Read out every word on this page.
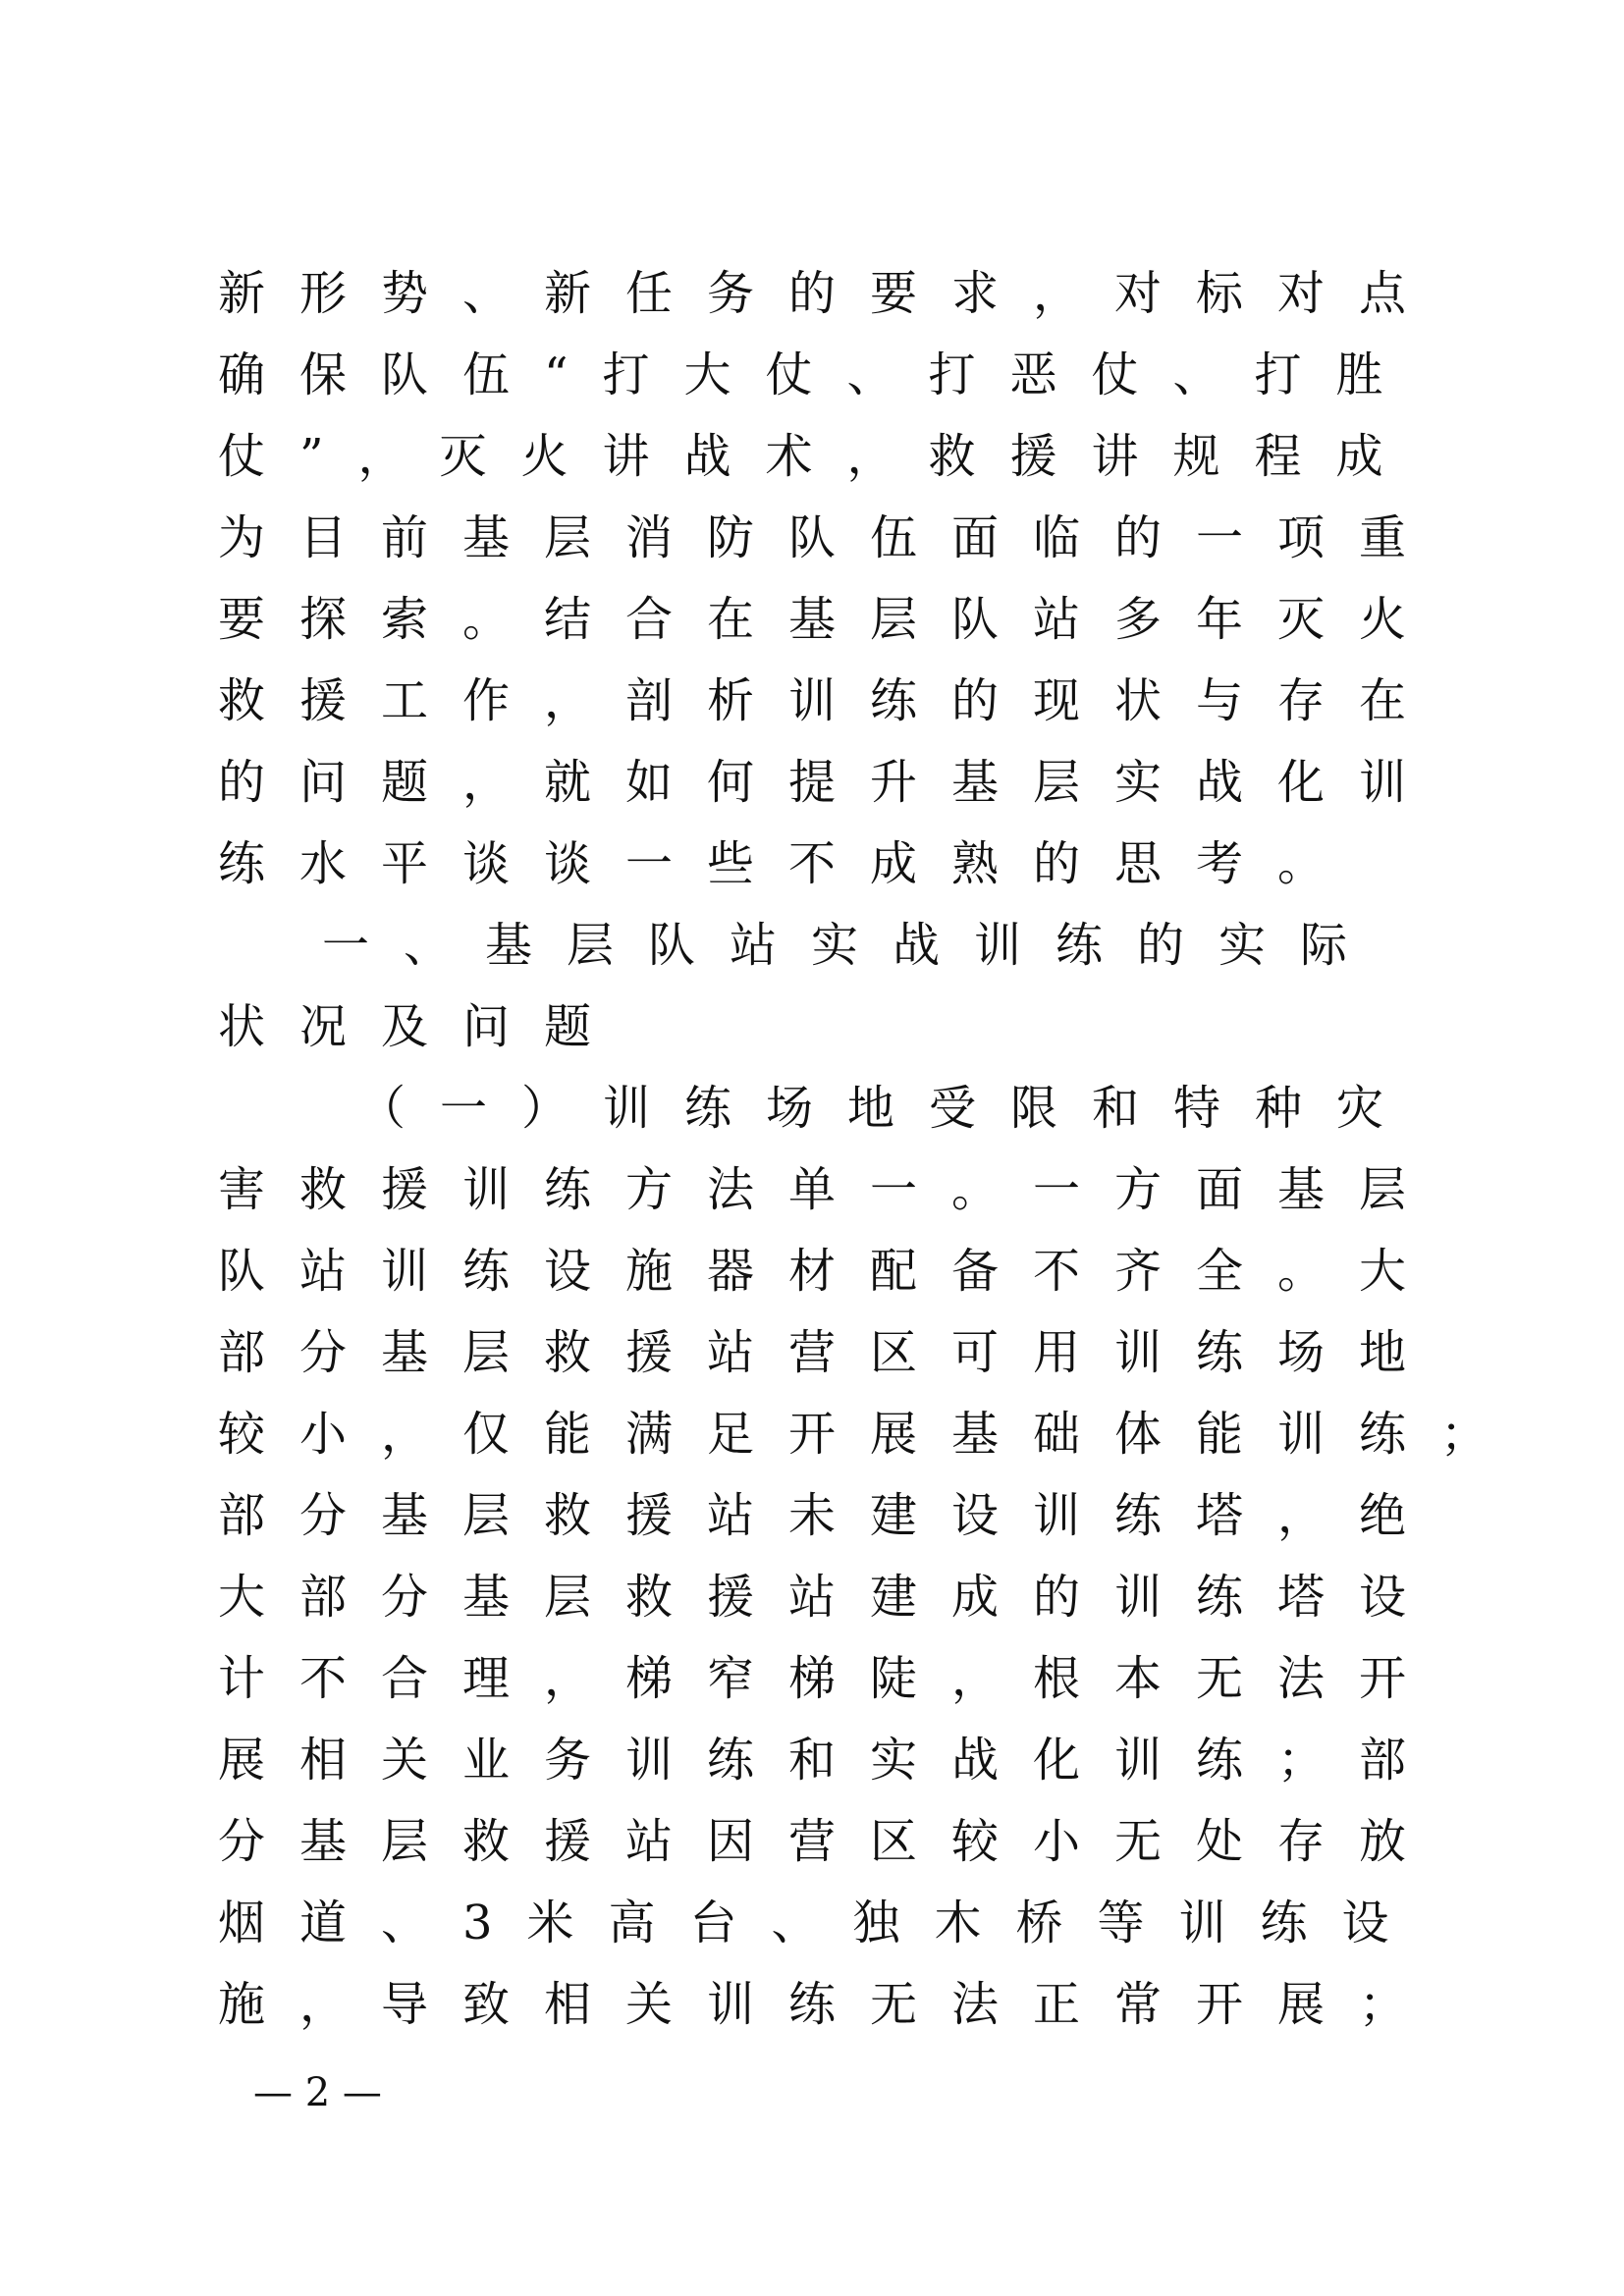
新形势、新任务的要求，对标对点
确保队伍“打大仗、打恶仗、打胜
仗”，灭火讲战术，救援讲规程成
为目前基层消防队伍面临的一项重
要探索。结合在基层队站多年灭火
救援工作，剖析训练的现状与存在
的问题，就如何提升基层实战化训
练水平谈谈一些不成熟的思考。
一、基层队站实战训练的实际
状况及问题
（一）训练场地受限和特种灾
害救援训练方法单一。一方面基层
队站训练设施器材配备不齐全。大
部分基层救援站营区可用训练场地
较小，仅能满足开展基础体能训练；
部分基层救援站未建设训练塔，绝
大部分基层救援站建成的训练塔设
计不合理，梯窄梯陡，根本无法开
展相关业务训练和实战化训练；部
分基层救援站因营区较小无处存放
烟道、3米高台、独木桥等训练设
施，导致相关训练无法正常开展；
— 2 —
